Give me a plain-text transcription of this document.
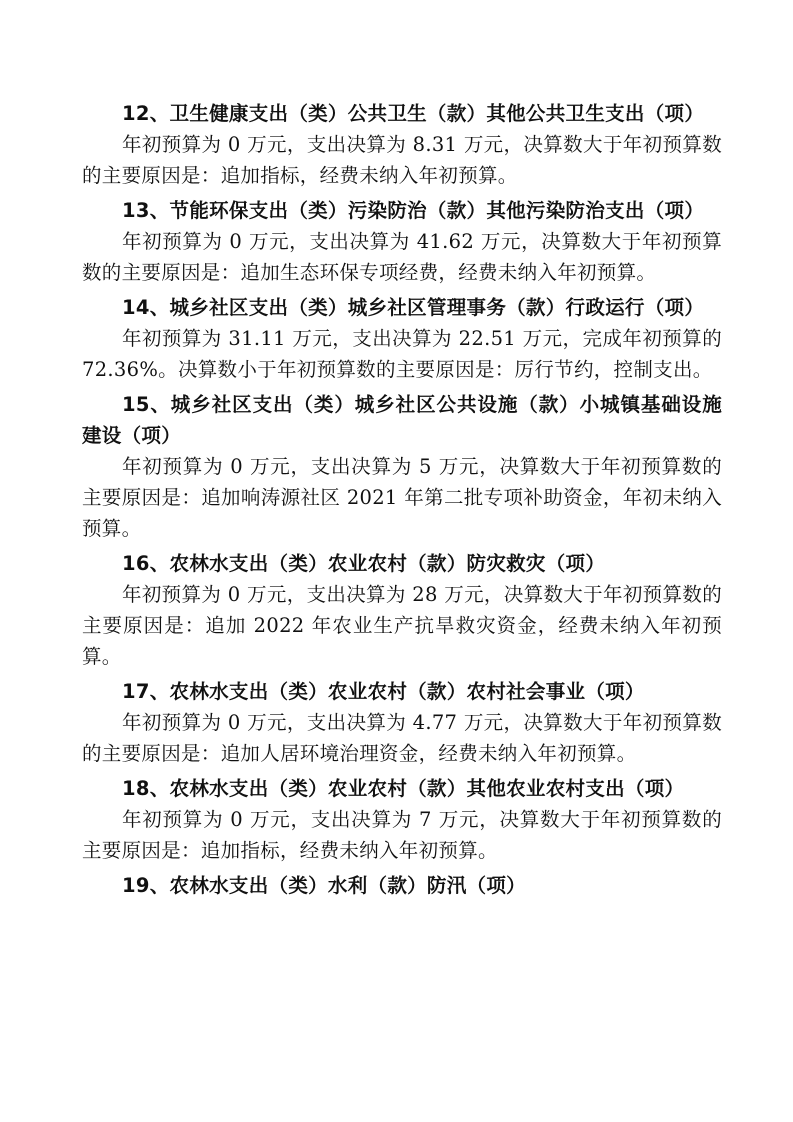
12、卫生健康支出（类）公共卫生（款）其他公共卫生支出（项）

年初预算为 0 万元，支出决算为 8.31 万元，决算数大于年初预算数的主要原因是：追加指标，经费未纳入年初预算。

13、节能环保支出（类）污染防治（款）其他污染防治支出（项）

年初预算为 0 万元，支出决算为 41.62 万元，决算数大于年初预算数的主要原因是：追加生态环保专项经费，经费未纳入年初预算。

14、城乡社区支出（类）城乡社区管理事务（款）行政运行（项）

年初预算为 31.11 万元，支出决算为 22.51 万元，完成年初预算的 72.36%。决算数小于年初预算数的主要原因是：厉行节约，控制支出。

15、城乡社区支出（类）城乡社区公共设施（款）小城镇基础设施建设（项）

年初预算为 0 万元，支出决算为 5 万元，决算数大于年初预算数的主要原因是：追加响涛源社区 2021 年第二批专项补助资金，年初未纳入预算。

16、农林水支出（类）农业农村（款）防灾救灾（项）

年初预算为 0 万元，支出决算为 28 万元，决算数大于年初预算数的主要原因是：追加 2022 年农业生产抗旱救灾资金，经费未纳入年初预算。

17、农林水支出（类）农业农村（款）农村社会事业（项）

年初预算为 0 万元，支出决算为 4.77 万元，决算数大于年初预算数的主要原因是：追加人居环境治理资金，经费未纳入年初预算。

18、农林水支出（类）农业农村（款）其他农业农村支出（项）

年初预算为 0 万元，支出决算为 7 万元，决算数大于年初预算数的主要原因是：追加指标，经费未纳入年初预算。

19、农林水支出（类）水利（款）防汛（项）
